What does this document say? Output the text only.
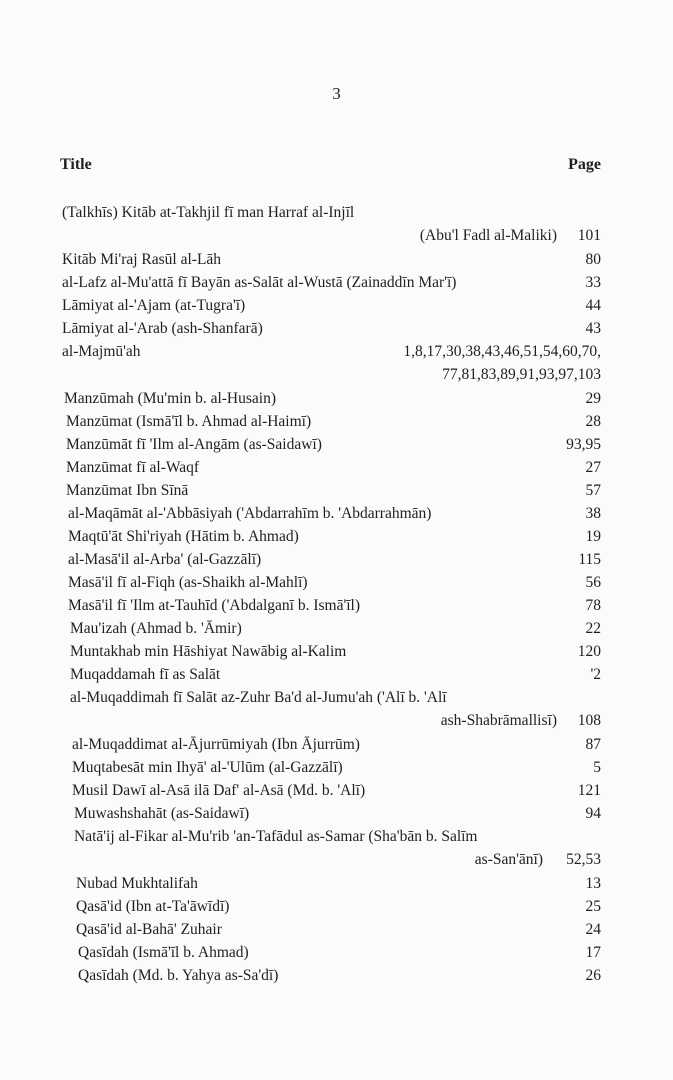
3
Title	Page
(Talkhīs) Kitāb at-Takhjil fī man Harraf al-Injīl
(Abu'l Fadl al-Maliki) 101
Kitāb Mi'raj Rasūl al-Lāh	80
al-Lafz al-Mu'attā fī Bayān as-Salāt al-Wustā (Zainaddīn Mar'ī)	33
Lāmiyat al-'Ajam (at-Tugra'ī)	44
Lāmiyat al-'Arab (ash-Shanfarā)	43
al-Majmū'ah	1,8,17,30,38,43,46,51,54,60,70,
77,81,83,89,91,93,97,103
Manzūmah (Mu'min b. al-Husain)	29
Manzūmat (Ismā'īl b. Ahmad al-Haimī)	28
Manzūmāt fī 'Ilm al-Angām (as-Saidawī)	93,95
Manzūmat fī al-Waqf	27
Manzūmat Ibn Sīnā	57
al-Maqāmāt al-'Abbāsiyah ('Abdarrahīm b. 'Abdarrahmān)	38
Maqtū'āt Shi'riyah (Hātim b. Ahmad)	19
al-Masā'il al-Arba' (al-Gazzālī)	115
Masā'il fī al-Fiqh (as-Shaikh al-Mahlī)	56
Masā'il fī 'Ilm at-Tauhīd ('Abdalganī b. Ismā'īl)	78
Mau'izah (Ahmad b. 'Āmir)	22
Muntakhab min Hāshiyat Nawābig al-Kalim	120
Muqaddamah fī as Salāt	'2
al-Muqaddimah fī Salāt az-Zuhr Ba'd al-Jumu'ah ('Alī b. 'Alī
ash-Shabrāmallisī) 108
al-Muqaddimat al-Ājurrūmiyah (Ibn Ājurrūm)	87
Muqtabesāt min Ihyā' al-'Ulūm (al-Gazzālī)	5
Musil Dawī al-Asā ilā Daf' al-Asā (Md. b. 'Alī)	121
Muwashshahāt (as-Saidawī)	94
Natā'ij al-Fikar al-Mu'rib 'an-Tafādul as-Samar (Sha'bān b. Salīm
as-San'ānī) 52,53
Nubad Mukhtalifah	13
Qasā'id (Ibn at-Ta'āwīdī)	25
Qasā'id al-Bahā' Zuhair	24
Qasīdah (Ismā'īl b. Ahmad)	17
Qasīdah (Md. b. Yahya as-Sa'dī)	26
